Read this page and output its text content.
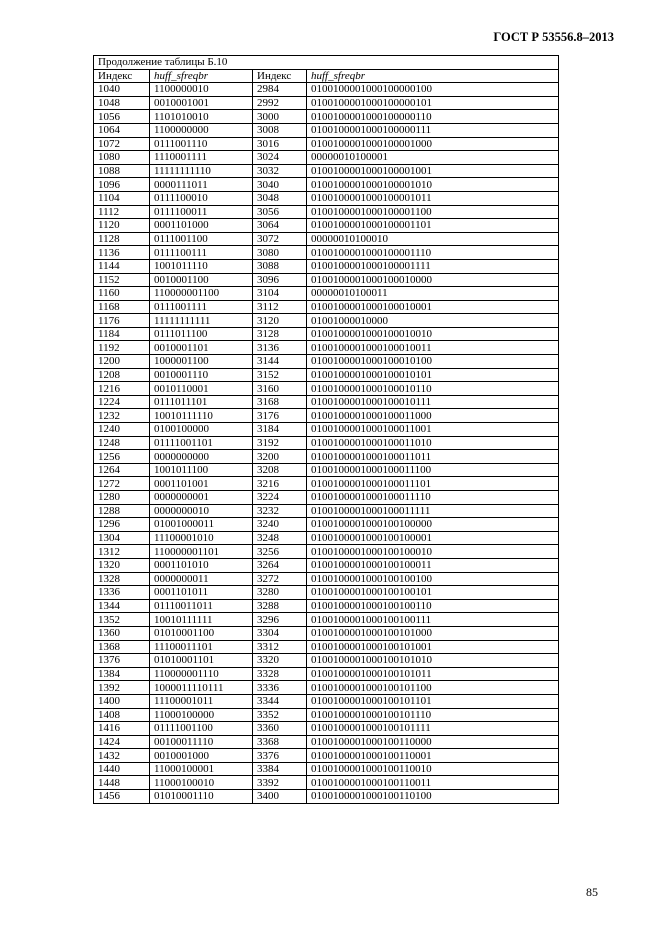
ГОСТ Р 53556.8–2013
Продолжение таблицы Б.10			
Индекс	huff_sfreqbr	Индекс	huff_sfreqbr
1040	1100000010	2984	0100100001000100000100
1048	0010001001	2992	0100100001000100000101
1056	1101010010	3000	0100100001000100000110
1064	1100000000	3008	0100100001000100000111
1072	0111001110	3016	0100100001000100001000
1080	1110001111	3024	00000010100001
1088	11111111110	3032	0100100001000100001001
1096	0000111011	3040	0100100001000100001010
1104	0111100010	3048	0100100001000100001011
1112	0111100011	3056	0100100001000100001100
1120	0001101000	3064	0100100001000100001101
1128	0111001100	3072	00000010100010
1136	0111100111	3080	0100100001000100001110
1144	1001011110	3088	0100100001000100001111
1152	0010001100	3096	0100100001000100010000
1160	110000001100	3104	00000010100011
1168	0111001111	3112	0100100001000100010001
1176	11111111111	3120	01001000010000
1184	0111011100	3128	0100100001000100010010
1192	0010001101	3136	0100100001000100010011
1200	1000001100	3144	0100100001000100010100
1208	0010001110	3152	0100100001000100010101
1216	0010110001	3160	0100100001000100010110
1224	0111011101	3168	0100100001000100010111
1232	10010111110	3176	0100100001000100011000
1240	0100100000	3184	0100100001000100011001
1248	01111001101	3192	0100100001000100011010
1256	0000000000	3200	0100100001000100011011
1264	1001011100	3208	0100100001000100011100
1272	0001101001	3216	0100100001000100011101
1280	0000000001	3224	0100100001000100011110
1288	0000000010	3232	0100100001000100011111
1296	01001000011	3240	0100100001000100100000
1304	11100001010	3248	0100100001000100100001
1312	110000001101	3256	0100100001000100100010
1320	0001101010	3264	0100100001000100100011
1328	0000000011	3272	0100100001000100100100
1336	0001101011	3280	0100100001000100100101
1344	01110011011	3288	0100100001000100100110
1352	10010111111	3296	0100100001000100100111
1360	01010001100	3304	0100100001000100101000
1368	11100011101	3312	0100100001000100101001
1376	01010001101	3320	0100100001000100101010
1384	110000001110	3328	0100100001000100101011
1392	1000011110111	3336	0100100001000100101100
1400	11100001011	3344	0100100001000100101101
1408	11000100000	3352	0100100001000100101110
1416	01111001100	3360	0100100001000100101111
1424	00100011110	3368	0100100001000100110000
1432	0010001000	3376	0100100001000100110001
1440	11000100001	3384	0100100001000100110010
1448	11000100010	3392	0100100001000100110011
1456	01010001110	3400	0100100001000100110100
85
